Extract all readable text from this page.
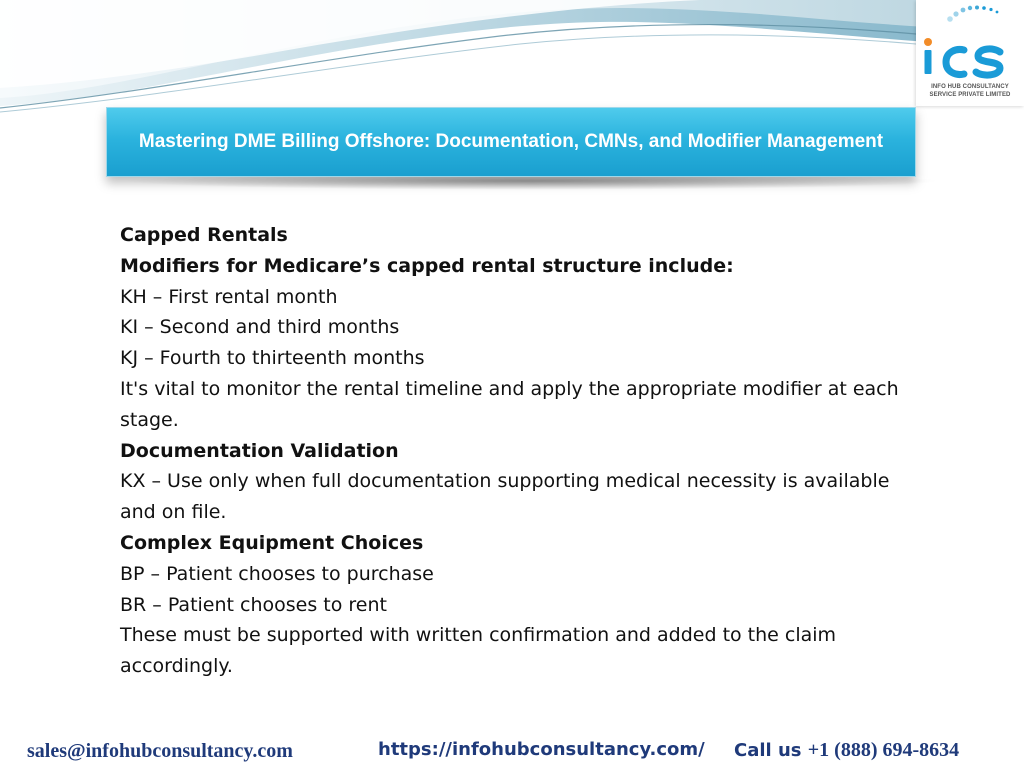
INFO HUB CONSULTANCY
SERVICE PRIVATE LIMITED
Mastering DME Billing Offshore: Documentation, CMNs, and Modifier Management

Capped Rentals

Modifiers for Medicare’s capped rental structure include:

KH – First rental month

KI – Second and third months

KJ – Fourth to thirteenth months

It's vital to monitor the rental timeline and apply the appropriate modifier at each stage.

Documentation Validation

KX – Use only when full documentation supporting medical necessity is available and on file.

Complex Equipment Choices

BP – Patient chooses to purchase

BR – Patient chooses to rent

These must be supported with written confirmation and added to the claim accordingly.

sales@infohubconsultancy.com	https://infohubconsultancy.com/ Call us +1 (888) 694-8634
